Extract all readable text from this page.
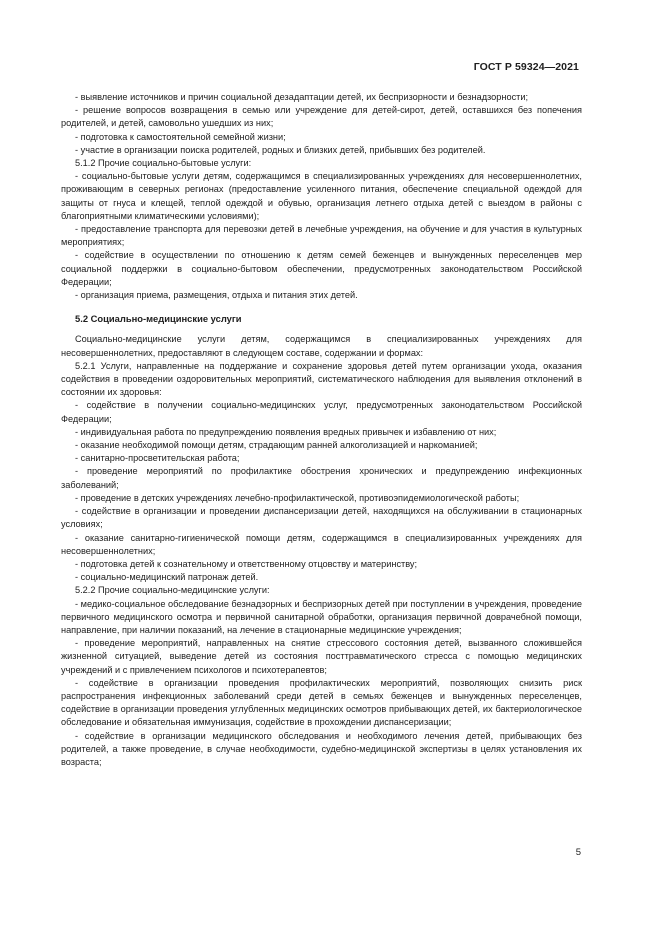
ГОСТ Р 59324—2021

- выявление источников и причин социальной дезадаптации детей, их беспризорности и безнадзорности;

- решение вопросов возвращения в семью или учреждение для детей-сирот, детей, оставшихся без попечения родителей, и детей, самовольно ушедших из них;

- подготовка к самостоятельной семейной жизни;

- участие в организации поиска родителей, родных и близких детей, прибывших без родителей.

5.1.2 Прочие социально-бытовые услуги:

- социально-бытовые услуги детям, содержащимся в специализированных учреждениях для несовершеннолетних, проживающим в северных регионах (предоставление усиленного питания, обеспечение специальной одеждой для защиты от гнуса и клещей, теплой одеждой и обувью, организация летнего отдыха детей с выездом в районы с благоприятными климатическими условиями);

- предоставление транспорта для перевозки детей в лечебные учреждения, на обучение и для участия в культурных мероприятиях;

- содействие в осуществлении по отношению к детям семей беженцев и вынужденных переселенцев мер социальной поддержки в социально-бытовом обеспечении, предусмотренных законодательством Российской Федерации;

- организация приема, размещения, отдыха и питания этих детей.

5.2 Социально-медицинские услуги

Социально-медицинские услуги детям, содержащимся в специализированных учреждениях для несовершеннолетних, предоставляют в следующем составе, содержании и формах:

5.2.1 Услуги, направленные на поддержание и сохранение здоровья детей путем организации ухода, оказания содействия в проведении оздоровительных мероприятий, систематического наблюдения для выявления отклонений в состоянии их здоровья:

- содействие в получении социально-медицинских услуг, предусмотренных законодательством Российской Федерации;

- индивидуальная работа по предупреждению появления вредных привычек и избавлению от них;

- оказание необходимой помощи детям, страдающим ранней алкоголизацией и наркоманией;

- санитарно-просветительская работа;

- проведение мероприятий по профилактике обострения хронических и предупреждению инфекционных заболеваний;

- проведение в детских учреждениях лечебно-профилактической, противоэпидемиологической работы;

- содействие в организации и проведении диспансеризации детей, находящихся на обслуживании в стационарных условиях;

- оказание санитарно-гигиенической помощи детям, содержащимся в специализированных учреждениях для несовершеннолетних;

- подготовка детей к сознательному и ответственному отцовству и материнству;

- социально-медицинский патронаж детей.

5.2.2 Прочие социально-медицинские услуги:

- медико-социальное обследование безнадзорных и беспризорных детей при поступлении в учреждения, проведение первичного медицинского осмотра и первичной санитарной обработки, организация первичной доврачебной помощи, направление, при наличии показаний, на лечение в стационарные медицинские учреждения;

- проведение мероприятий, направленных на снятие стрессового состояния детей, вызванного сложившейся жизненной ситуацией, выведение детей из состояния посттравматического стресса с помощью медицинских учреждений и с привлечением психологов и психотерапевтов;

- содействие в организации проведения профилактических мероприятий, позволяющих снизить риск распространения инфекционных заболеваний среди детей в семьях беженцев и вынужденных переселенцев, содействие в организации проведения углубленных медицинских осмотров прибывающих детей, их бактериологическое обследование и обязательная иммунизация, содействие в прохождении диспансеризации;

- содействие в организации медицинского обследования и необходимого лечения детей, прибывающих без родителей, а также проведение, в случае необходимости, судебно-медицинской экспертизы в целях установления их возраста;

5
